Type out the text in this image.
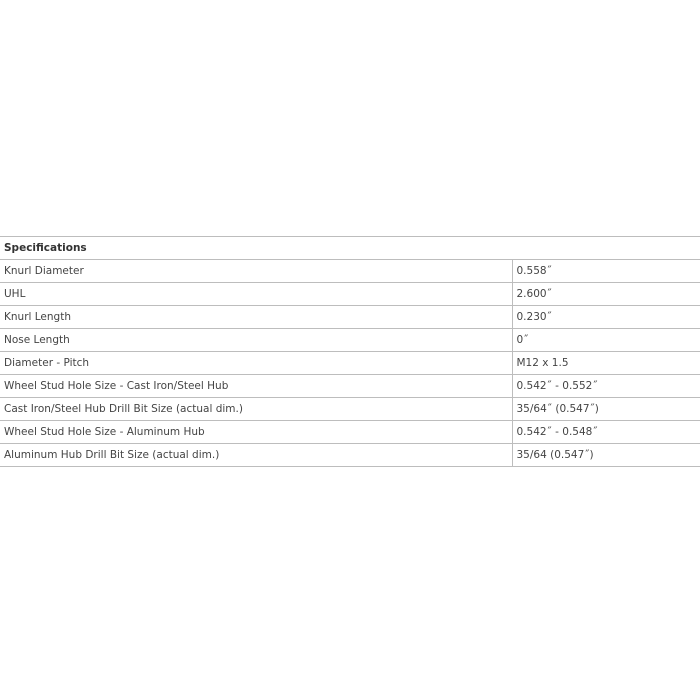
Specifications	
Knurl Diameter	0.558˝
UHL	2.600˝
Knurl Length	0.230˝
Nose Length	0˝
Diameter - Pitch	M12 x 1.5
Wheel Stud Hole Size - Cast Iron/Steel Hub	0.542˝ - 0.552˝
Cast Iron/Steel Hub Drill Bit Size (actual dim.)	35/64˝ (0.547˝)
Wheel Stud Hole Size - Aluminum Hub	0.542˝ - 0.548˝
Aluminum Hub Drill Bit Size (actual dim.)	35/64 (0.547˝)
